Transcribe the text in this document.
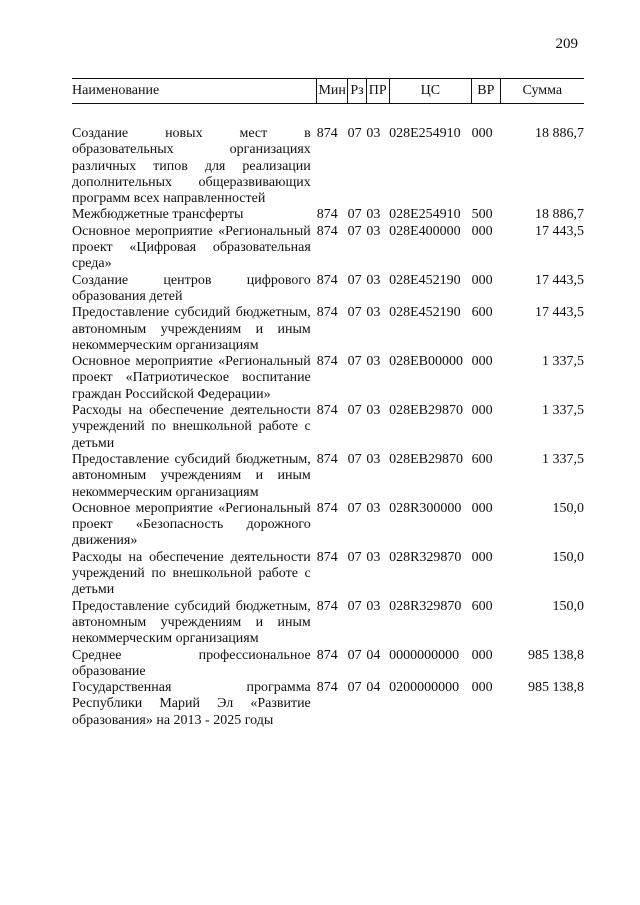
209
Наименование	Мин	Рз	ПР	ЦС	ВР	Сумма

Создание новых мест в образовательных организациях различных типов для реализации дополнительных общеразвивающих программ всех направленностей	874	07	03	028E254910	000	18 886,7
Межбюджетные трансферты	874	07	03	028E254910	500	18 886,7
Основное мероприятие «Региональный проект «Цифровая образовательная среда»	874	07	03	028E400000	000	17 443,5
Создание центров цифрового образования детей	874	07	03	028E452190	000	17 443,5
Предоставление субсидий бюджетным, автономным учреждениям и иным некоммерческим организациям	874	07	03	028E452190	600	17 443,5
Основное мероприятие «Региональный проект «Патриотическое воспитание граждан Российской Федерации»	874	07	03	028EB00000	000	1 337,5
Расходы на обеспечение деятельности учреждений по внешкольной работе с детьми	874	07	03	028EB29870	000	1 337,5
Предоставление субсидий бюджетным, автономным учреждениям и иным некоммерческим организациям	874	07	03	028EB29870	600	1 337,5
Основное мероприятие «Региональный проект «Безопасность дорожного движения»	874	07	03	028R300000	000	150,0
Расходы на обеспечение деятельности учреждений по внешкольной работе с детьми	874	07	03	028R329870	000	150,0
Предоставление субсидий бюджетным, автономным учреждениям и иным некоммерческим организациям	874	07	03	028R329870	600	150,0
Среднее профессиональное образование	874	07	04	0000000000	000	985 138,8
Государственная программа Республики Марий Эл «Развитие образования» на 2013 - 2025 годы	874	07	04	0200000000	000	985 138,8
